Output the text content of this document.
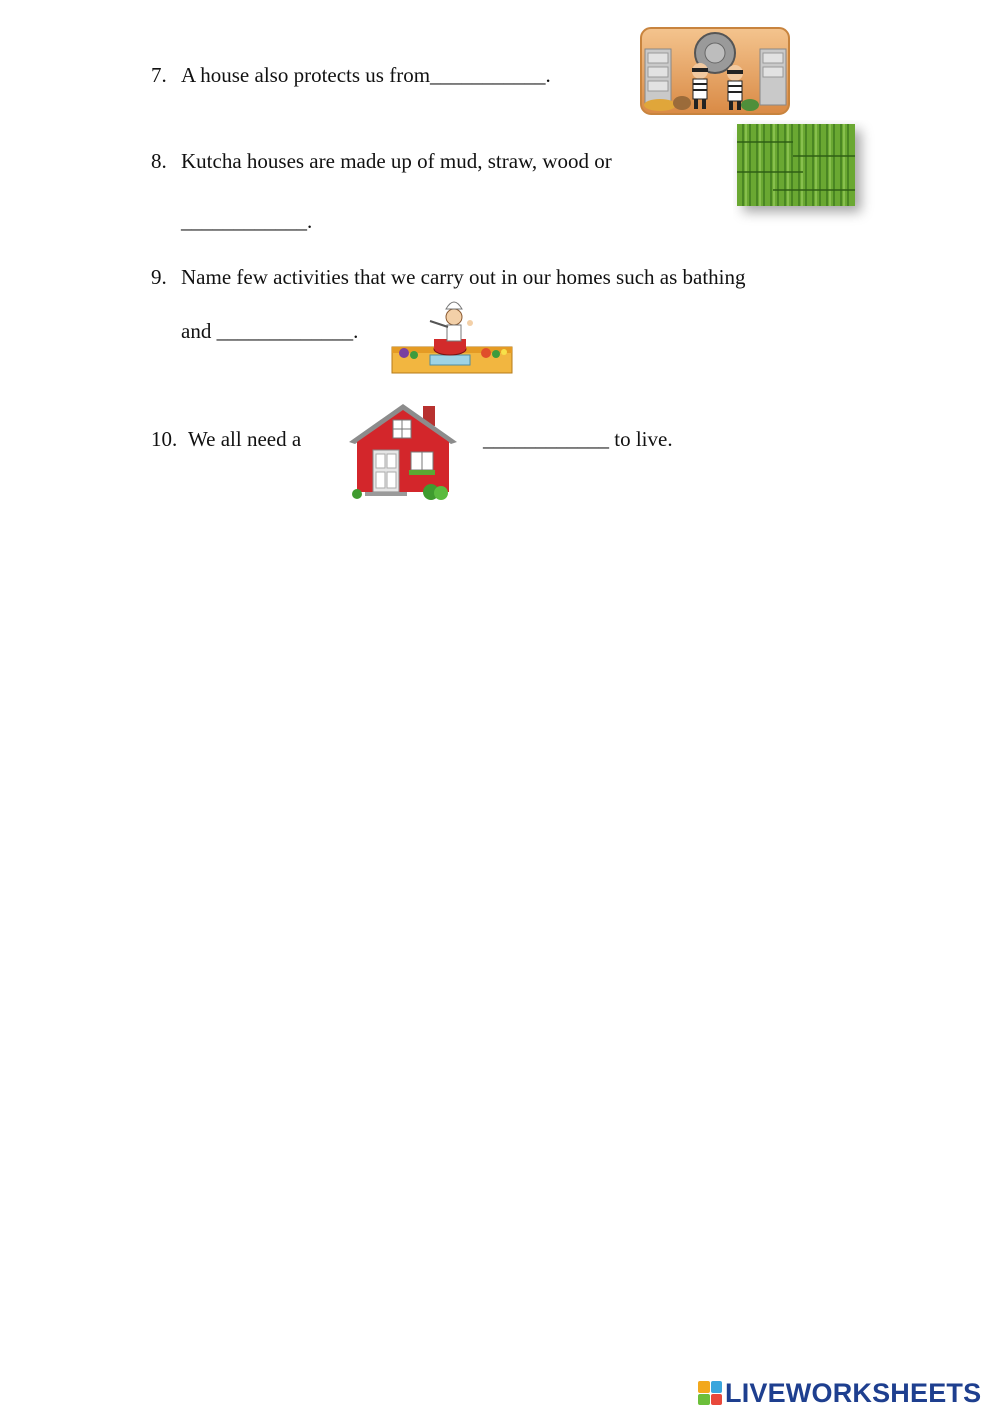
7. A house also protects us from___________.
8. Kutcha houses are made up of mud, straw, wood or
____________.
9. Name few activities that we carry out in our homes such as bathing
and _____________.
10. We all need a	____________ to live.
LIVEWORKSHEETS
